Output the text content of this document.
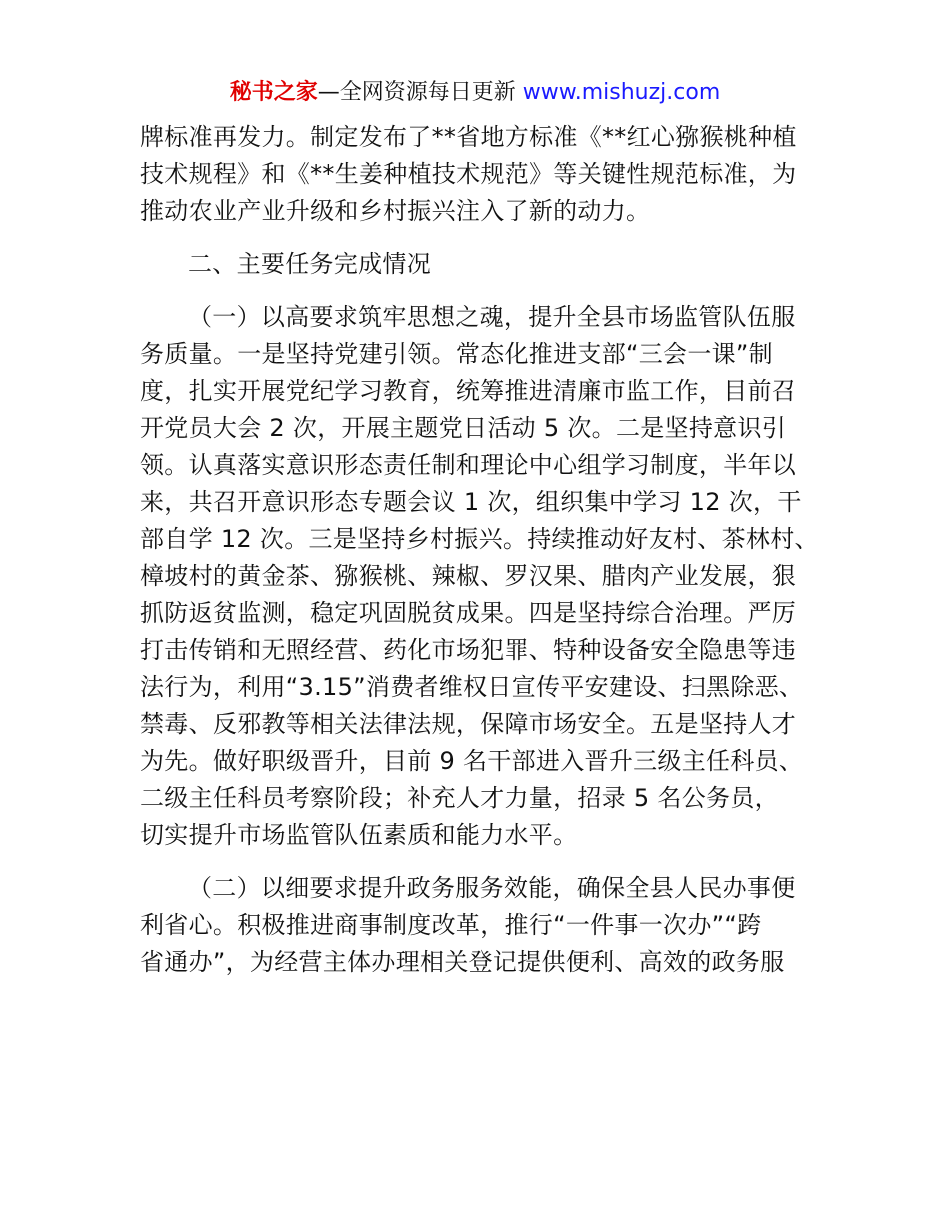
秘书之家—全网资源每日更新 www.mishuzj.com
牌标准再发力。制定发布了**省地方标准《**红心猕猴桃种植
技术规程》和《**生姜种植技术规范》等关键性规范标准，为
推动农业产业升级和乡村振兴注入了新的动力。
二、主要任务完成情况
（一）以高要求筑牢思想之魂，提升全县市场监管队伍服
务质量。一是坚持党建引领。常态化推进支部“三会一课”制
度，扎实开展党纪学习教育，统筹推进清廉市监工作，目前召
开党员大会 2 次，开展主题党日活动 5 次。二是坚持意识引
领。认真落实意识形态责任制和理论中心组学习制度，半年以
来，共召开意识形态专题会议 1 次，组织集中学习 12 次，干
部自学 12 次。三是坚持乡村振兴。持续推动好友村、茶林村、
樟坡村的黄金茶、猕猴桃、辣椒、罗汉果、腊肉产业发展，狠
抓防返贫监测，稳定巩固脱贫成果。四是坚持综合治理。严厉
打击传销和无照经营、药化市场犯罪、特种设备安全隐患等违
法行为，利用“3.15”消费者维权日宣传平安建设、扫黑除恶、
禁毒、反邪教等相关法律法规，保障市场安全。五是坚持人才
为先。做好职级晋升，目前 9 名干部进入晋升三级主任科员、
二级主任科员考察阶段；补充人才力量，招录 5 名公务员，
切实提升市场监管队伍素质和能力水平。
（二）以细要求提升政务服务效能，确保全县人民办事便
利省心。积极推进商事制度改革，推行“一件事一次办”“跨
省通办”，为经营主体办理相关登记提供便利、高效的政务服
